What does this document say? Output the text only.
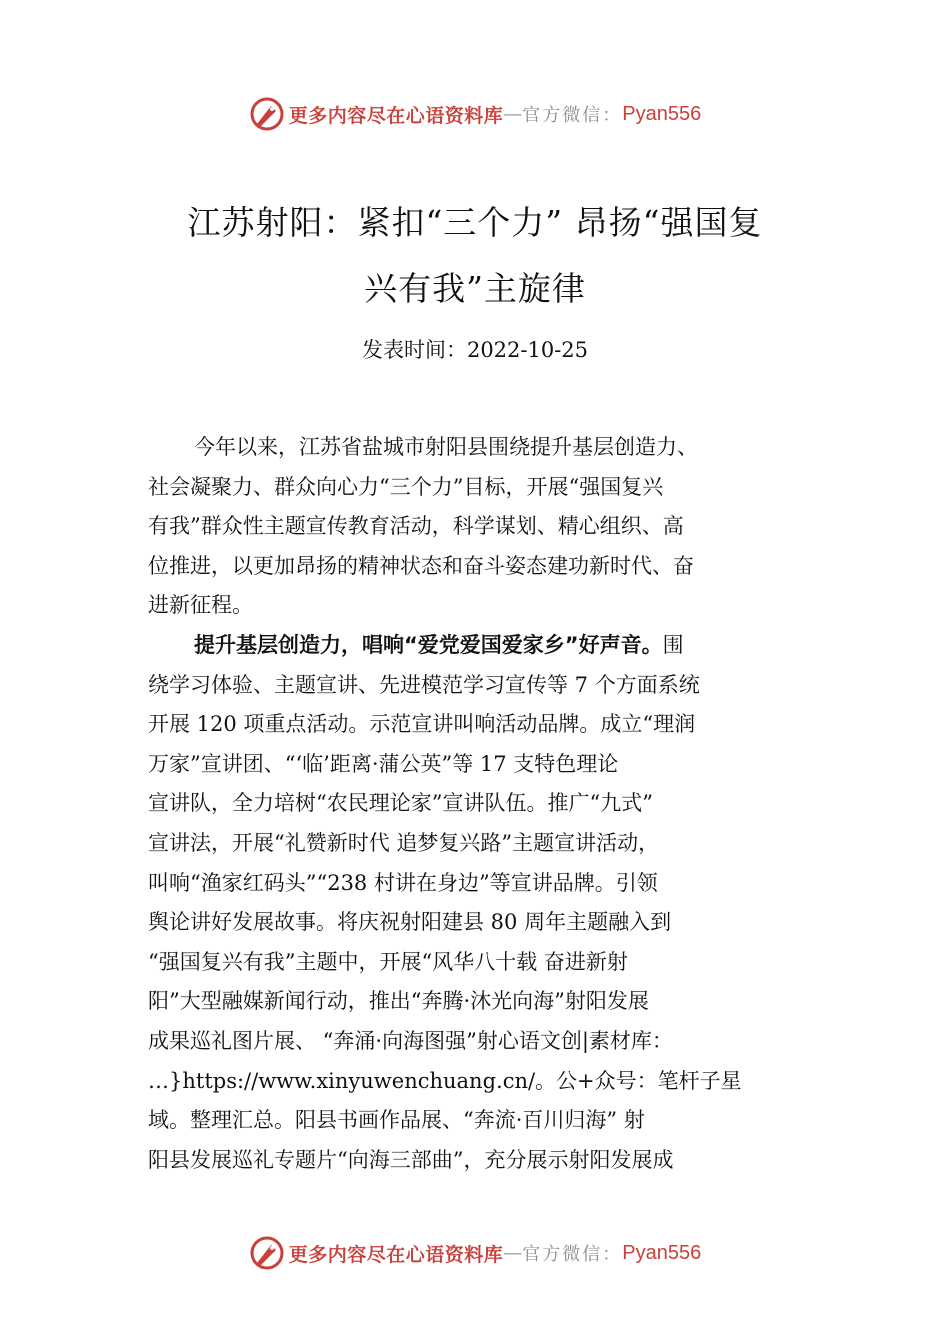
更多内容尽在心语资料库 — 官方微信： Pyan556
江苏射阳：紧扣“三个力” 昂扬“强国复
兴有我”主旋律
发表时间：2022-10-25
今年以来，江苏省盐城市射阳县围绕提升基层创造力、
社会凝聚力、群众向心力“三个力”目标，开展“强国复兴
有我”群众性主题宣传教育活动，科学谋划、精心组织、高
位推进，以更加昂扬的精神状态和奋斗姿态建功新时代、奋
进新征程。
提升基层创造力，唱响“爱党爱国爱家乡”好声音。围
绕学习体验、主题宣讲、先进模范学习宣传等 7 个方面系统
开展 120 项重点活动。示范宣讲叫响活动品牌。成立“理润
万家”宣讲团、“‘临’距离·蒲公英”等 17 支特色理论
宣讲队，全力培树“农民理论家”宣讲队伍。推广“九式”
宣讲法，开展“礼赞新时代 追梦复兴路”主题宣讲活动，
叫响“渔家红码头”“238 村讲在身边”等宣讲品牌。引领
舆论讲好发展故事。将庆祝射阳建县 80 周年主题融入到
“强国复兴有我”主题中，开展“风华八十载 奋进新射
阳”大型融媒新闻行动，推出“奔腾·沐光向海”射阳发展
成果巡礼图片展、 “奔涌·向海图强”射心语文创|素材库：
…}https://www.xinyuwenchuang.cn/。公+众号：笔杆子星
域。整理汇总。阳县书画作品展、“奔流·百川归海” 射
阳县发展巡礼专题片“向海三部曲”，充分展示射阳发展成
更多内容尽在心语资料库 — 官方微信： Pyan556
